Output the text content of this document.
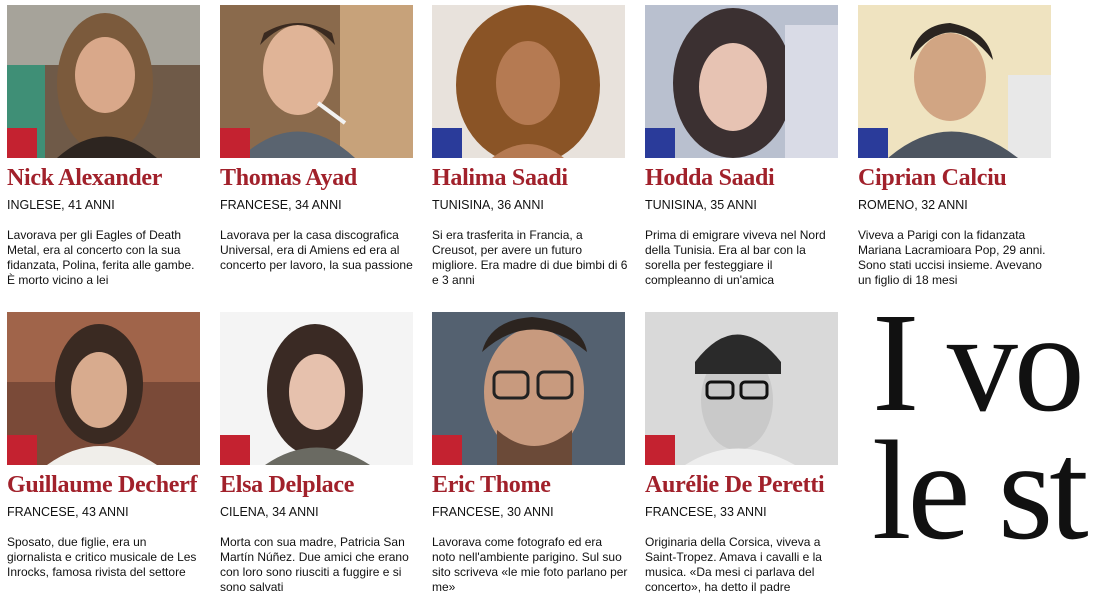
Nick Alexander
INGLESE, 41 ANNI
Lavorava per gli Eagles of Death Metal, era al concerto con la sua fidanzata, Polina, ferita alle gambe. È morto vicino a lei
Thomas Ayad
FRANCESE, 34 ANNI
Lavorava per la casa discografica Universal, era di Amiens ed era al concerto per lavoro, la sua passione
Halima Saadi
TUNISINA, 36 ANNI
Si era trasferita in Francia, a Creusot, per avere un futuro migliore. Era madre di due bimbi di 6 e 3 anni
Hodda Saadi
TUNISINA, 35 ANNI
Prima di emigrare viveva nel Nord della Tunisia. Era al bar con la sorella per festeggiare il compleanno di un'amica
Ciprian Calciu
ROMENO, 32 ANNI
Viveva a Parigi con la fidanzata Mariana Lacramioara Pop, 29 anni. Sono stati uccisi insieme. Avevano un figlio di 18 mesi
Guillaume Decherf
FRANCESE, 43 ANNI
Sposato, due figlie, era un giornalista e critico musicale de Les Inrocks, famosa rivista del settore
Elsa Delplace
CILENA, 34 ANNI
Morta con sua madre, Patricia San Martín Núñez. Due amici che erano con loro sono riusciti a fuggire e si sono salvati
Eric Thome
FRANCESE, 30 ANNI
Lavorava come fotografo ed era noto nell'ambiente parigino. Sul suo sito scriveva «le mie foto parlano per me»
Aurélie De Peretti
FRANCESE, 33 ANNI
Originaria della Corsica, viveva a Saint-Tropez. Amava i cavalli e la musica. «Da mesi ci parlava del concerto», ha detto il padre
I vo
le st
